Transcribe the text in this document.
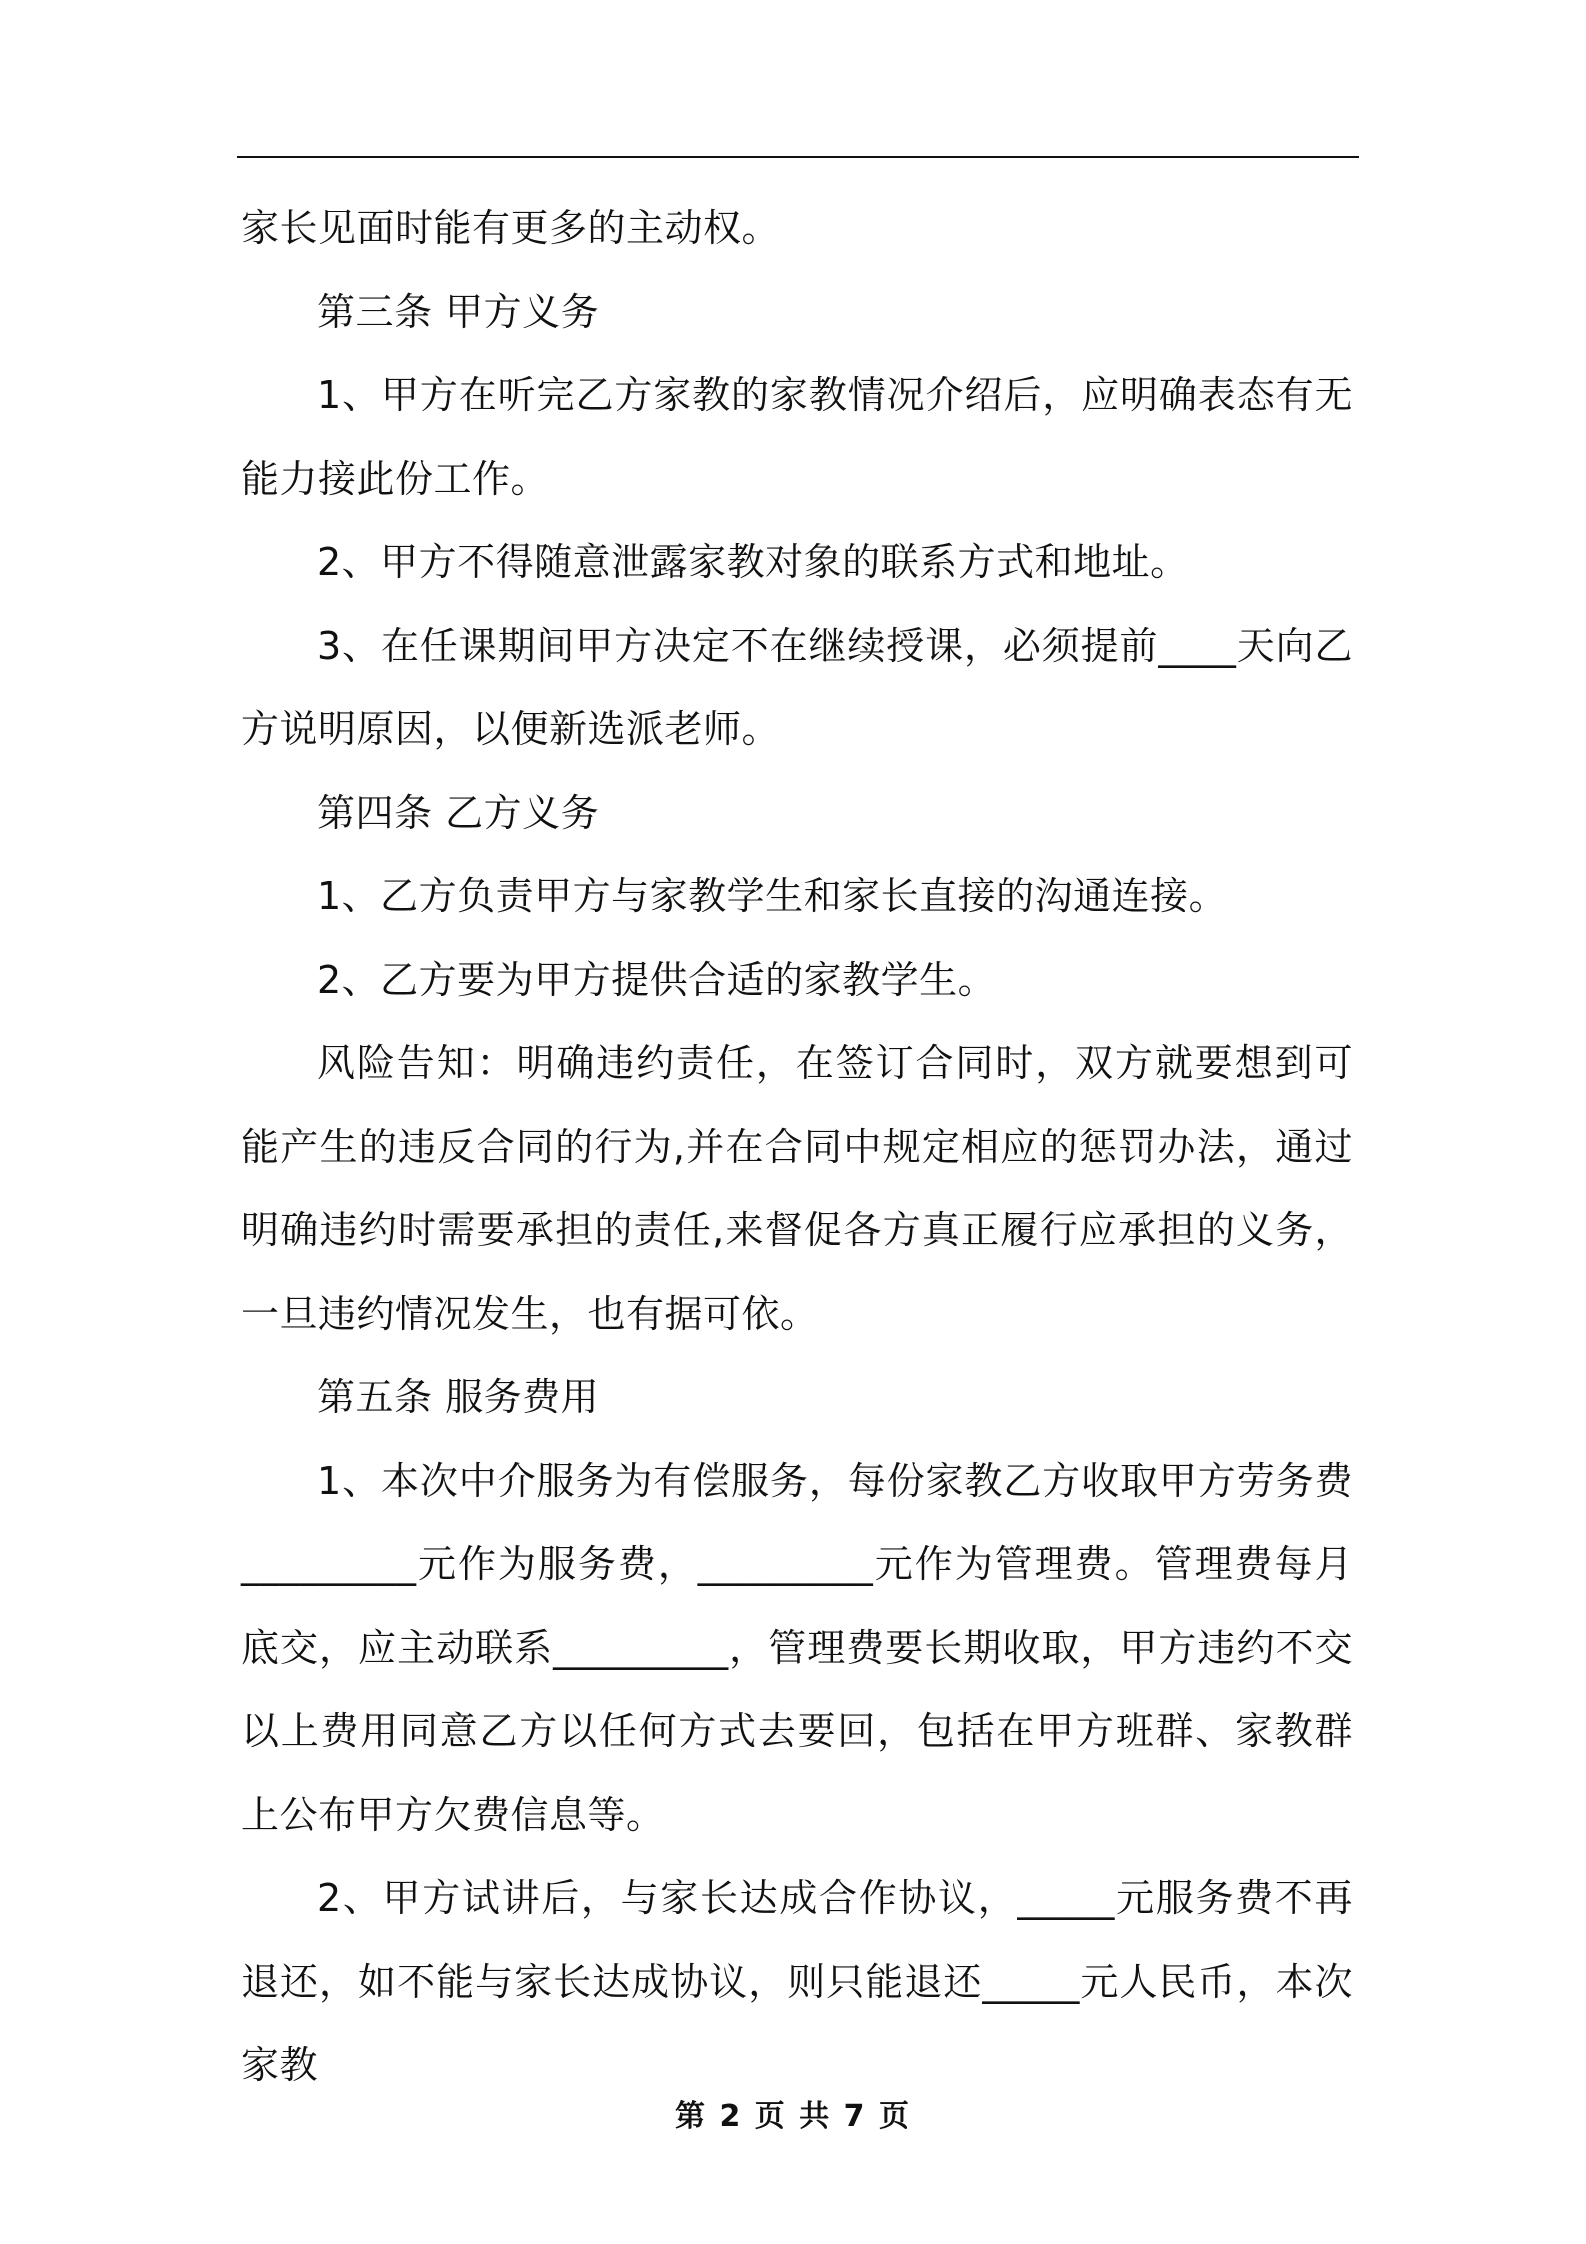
家长见面时能有更多的主动权。

第三条 甲方义务

1、甲方在听完乙方家教的家教情况介绍后，应明确表态有无能力接此份工作。

2、甲方不得随意泄露家教对象的联系方式和地址。

3、在任课期间甲方决定不在继续授课，必须提前____天向乙方说明原因，以便新选派老师。

第四条 乙方义务

1、乙方负责甲方与家教学生和家长直接的沟通连接。

2、乙方要为甲方提供合适的家教学生。

风险告知：明确违约责任，在签订合同时，双方就要想到可能产生的违反合同的行为,并在合同中规定相应的惩罚办法，通过明确违约时需要承担的责任,来督促各方真正履行应承担的义务，一旦违约情况发生，也有据可依。

第五条 服务费用

1、本次中介服务为有偿服务，每份家教乙方收取甲方劳务费_________元作为服务费，_________元作为管理费。管理费每月底交，应主动联系_________，管理费要长期收取，甲方违约不交以上费用同意乙方以任何方式去要回，包括在甲方班群、家教群上公布甲方欠费信息等。

2、甲方试讲后，与家长达成合作协议，_____元服务费不再退还，如不能与家长达成协议，则只能退还_____元人民币，本次家教

第 2 页 共 7 页
